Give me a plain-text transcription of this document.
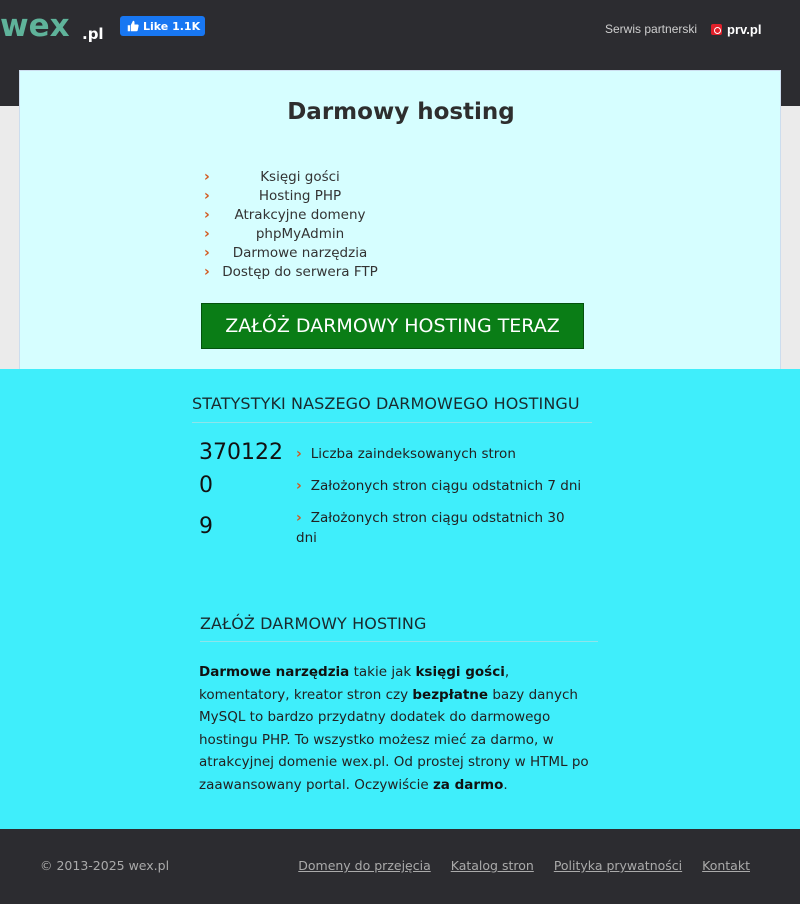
wex .pl	Like 1.1K	Serwis partnerski prv.pl
Darmowy hosting
›	Księgi gości
›	Hosting PHP
› Atrakcyjne domeny
›	phpMyAdmin
› Darmowe narzędzia
› Dostęp do serwera FTP
ZAŁÓŻ DARMOWY HOSTING TERAZ
STATYSTYKI NASZEGO DARMOWEGO HOSTINGU
370122 › Liczba zaindeksowanych stron
0	› Założonych stron ciągu odstatnich 7 dni
9	› Założonych stron ciągu odstatnich 30 dni
ZAŁÓŻ DARMOWY HOSTING

Darmowe narzędzia takie jak księgi gości, komentatory, kreator stron czy bezpłatne bazy danych MySQL to bardzo przydatny dodatek do darmowego hostingu PHP. To wszystko możesz mieć za darmo, w atrakcyjnej domenie wex.pl. Od prostej strony w HTML po zaawansowany portal. Oczywiście za darmo.

© 2013-2025 wex.pl	Domeny do przejęcia Katalog stron Polityka prywatności Kontakt
